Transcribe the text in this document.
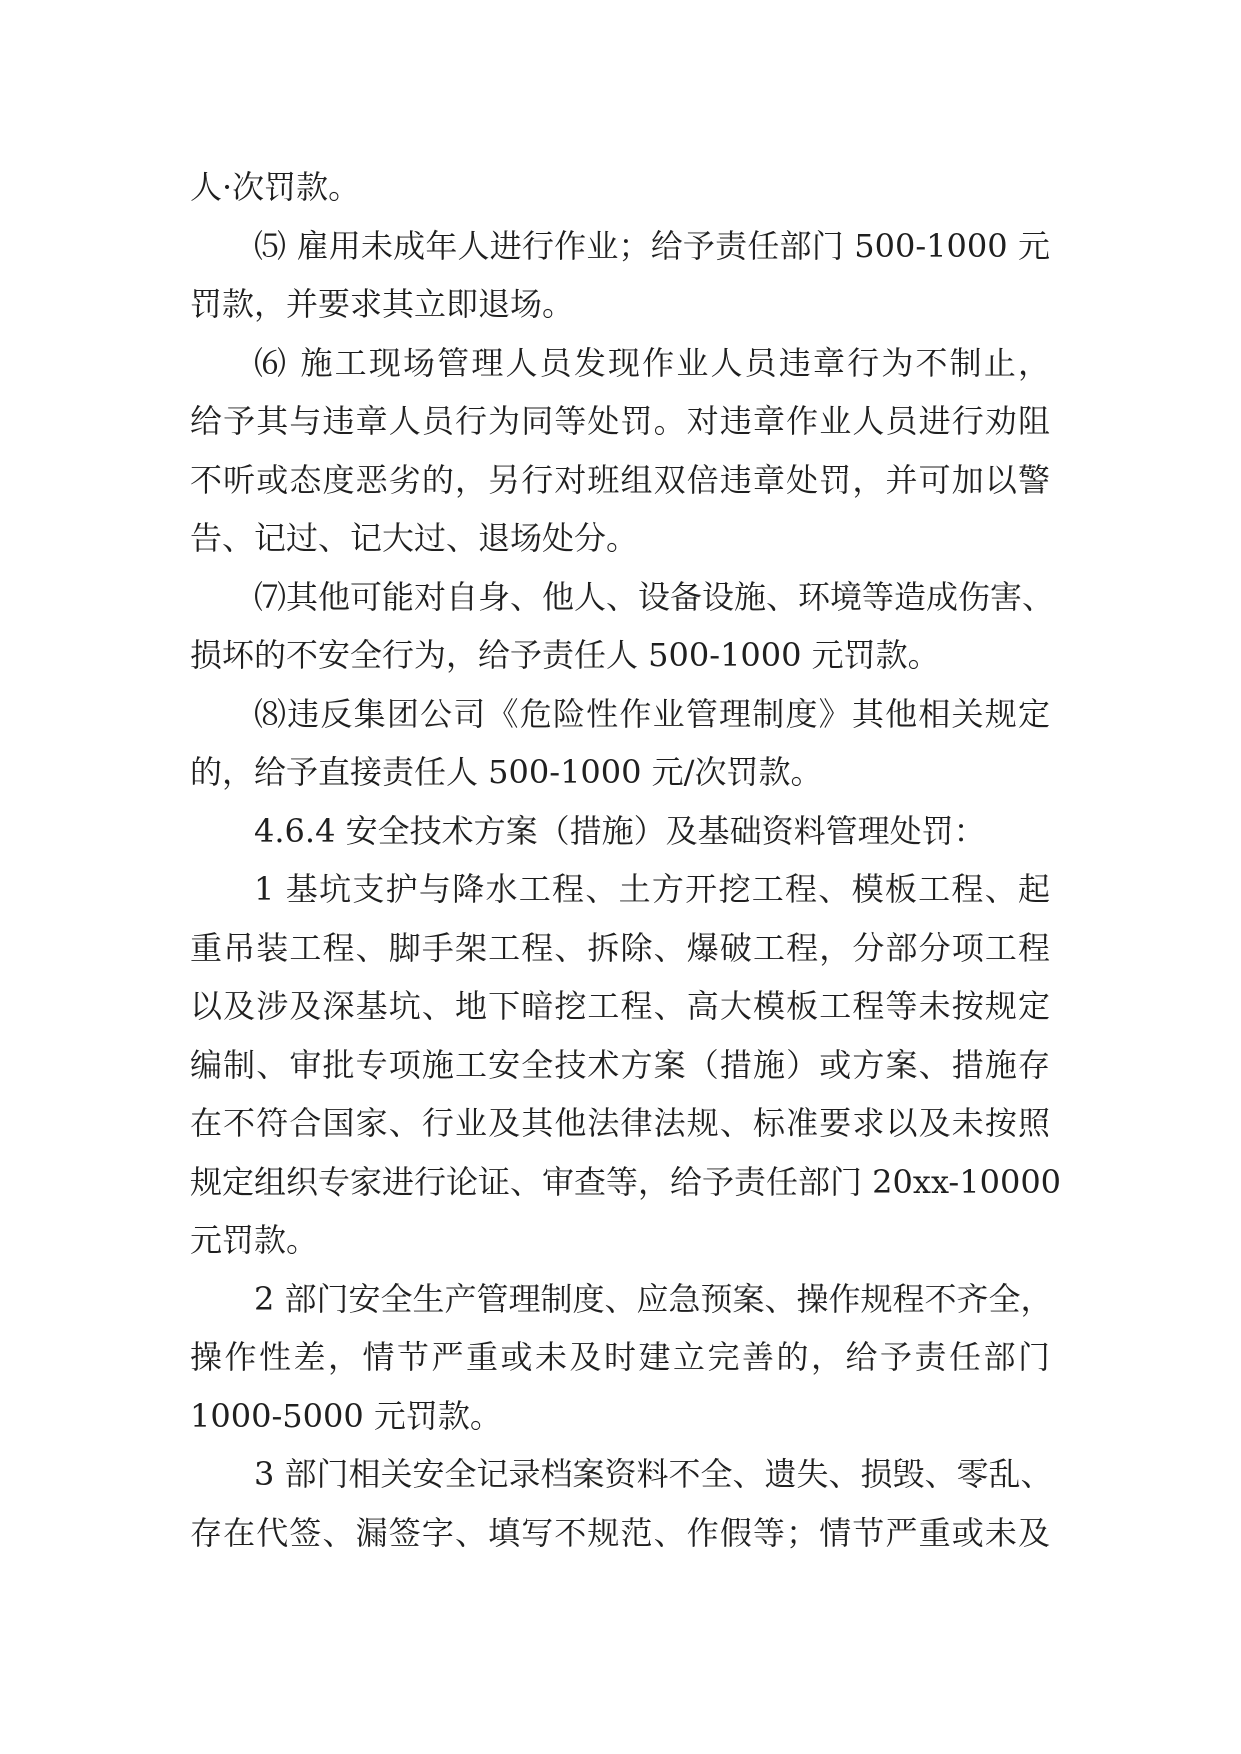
人·次罚款。
⑸ 雇用未成年人进行作业；给予责任部门 500-1000 元
罚款，并要求其立即退场。
⑹ 施工现场管理人员发现作业人员违章行为不制止，
给予其与违章人员行为同等处罚。对违章作业人员进行劝阻
不听或态度恶劣的，另行对班组双倍违章处罚，并可加以警
告、记过、记大过、退场处分。
⑺其他可能对自身、他人、设备设施、环境等造成伤害、
损坏的不安全行为，给予责任人 500-1000 元罚款。
⑻违反集团公司《危险性作业管理制度》其他相关规定
的，给予直接责任人 500-1000 元/次罚款。
4.6.4 安全技术方案（措施）及基础资料管理处罚：
1 基坑支护与降水工程、土方开挖工程、模板工程、起
重吊装工程、脚手架工程、拆除、爆破工程，分部分项工程
以及涉及深基坑、地下暗挖工程、高大模板工程等未按规定
编制、审批专项施工安全技术方案（措施）或方案、措施存
在不符合国家、行业及其他法律法规、标准要求以及未按照
规定组织专家进行论证、审查等，给予责任部门 20xx-10000
元罚款。
2 部门安全生产管理制度、应急预案、操作规程不齐全，
操作性差，情节严重或未及时建立完善的，给予责任部门
1000-5000 元罚款。
3 部门相关安全记录档案资料不全、遗失、损毁、零乱、
存在代签、漏签字、填写不规范、作假等；情节严重或未及
